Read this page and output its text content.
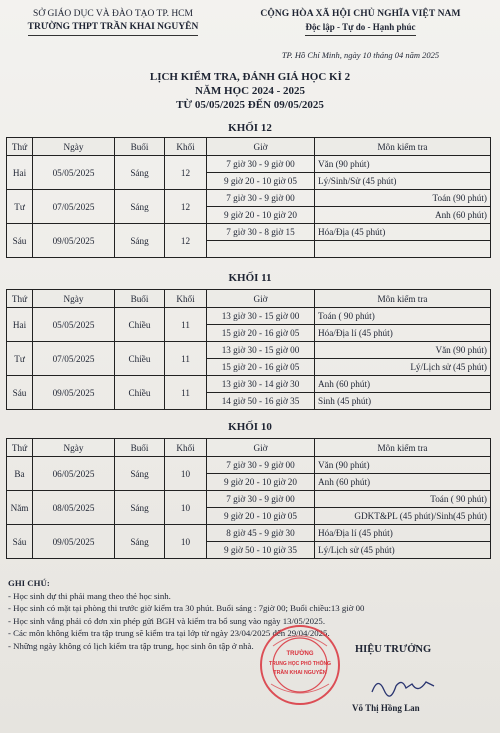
SỞ GIÁO DỤC VÀ ĐÀO TẠO TP. HCM
TRƯỜNG THPT TRẦN KHAI NGUYÊN
CỘNG HÒA XÃ HỘI CHỦ NGHĨA VIỆT NAM
Độc lập - Tự do - Hạnh phúc
TP. Hồ Chí Minh, ngày 10 tháng 04 năm 2025
LỊCH KIỂM TRA, ĐÁNH GIÁ HỌC KÌ 2
NĂM HỌC 2024 - 2025
TỪ 05/05/2025 ĐẾN 09/05/2025
KHỐI 12
Thứ	Ngày	Buổi	Khối	Giờ	Môn kiểm tra
Hai	05/05/2025	Sáng	12	7 giờ 30 - 9 giờ 00	Văn (90 phút)
				9 giờ 20 - 10 giờ 05	Lý/Sinh/Sử (45 phút)
Tư	07/05/2025	Sáng	12	7 giờ 30 - 9 giờ 00	Toán (90 phút)
				9 giờ 20 - 10 giờ 20	Anh (60 phút)
Sáu	09/05/2025	Sáng	12	7 giờ 30 - 8 giờ 15	Hóa/Địa (45 phút)

KHỐI 11
Thứ	Ngày	Buổi	Khối	Giờ	Môn kiểm tra
Hai	05/05/2025	Chiều	11	13 giờ 30 - 15 giờ 00	Toán ( 90 phút)
				15 giờ 20 - 16 giờ 05	Hóa/Địa lí (45 phút)
Tư	07/05/2025	Chiều	11	13 giờ 30 - 15 giờ 00	Văn (90 phút)
				15 giờ 20 - 16 giờ 05	Lý/Lịch sử (45 phút)
Sáu	09/05/2025	Chiều	11	13 giờ 30 - 14 giờ 30	Anh (60 phút)
				14 giờ 50 - 16 giờ 35	Sinh (45 phút)
KHỐI 10
Thứ	Ngày	Buổi	Khối	Giờ	Môn kiểm tra
Ba	06/05/2025	Sáng	10	7 giờ 30 - 9 giờ 00	Văn (90 phút)
				9 giờ 20 - 10 giờ 20	Anh (60 phút)
Năm	08/05/2025	Sáng	10	7 giờ 30 - 9 giờ 00	Toán ( 90 phút)
				9 giờ 20 - 10 giờ 05	GDKT&PL (45 phút)/Sinh(45 phút)
Sáu	09/05/2025	Sáng	10	8 giờ 45 - 9 giờ 30	Hóa/Địa lí (45 phút)
				9 giờ 50 - 10 giờ 35	Lý/Lịch sử (45 phút)
GHI CHÚ:
- Học sinh dự thi phải mang theo thẻ học sinh.
- Học sinh có mặt tại phòng thi trước giờ kiểm tra 30 phút. Buổi sáng : 7giờ 00; Buổi chiều:13 giờ 00
- Học sinh vắng phải có đơn xin phép gửi BGH và kiểm tra bổ sung vào ngày 13/05/2025.
- Các môn không kiểm tra tập trung sẽ kiểm tra tại lớp từ ngày 23/04/2025 đến 29/04/2025.
- Những ngày không có lịch kiểm tra tập trung, học sinh ôn tập ở nhà.
TRƯỜNG
TRUNG HỌC PHỔ THÔNG
TRẦN KHAI NGUYÊN
HIỆU TRƯỞNG
Võ Thị Hồng Lan
